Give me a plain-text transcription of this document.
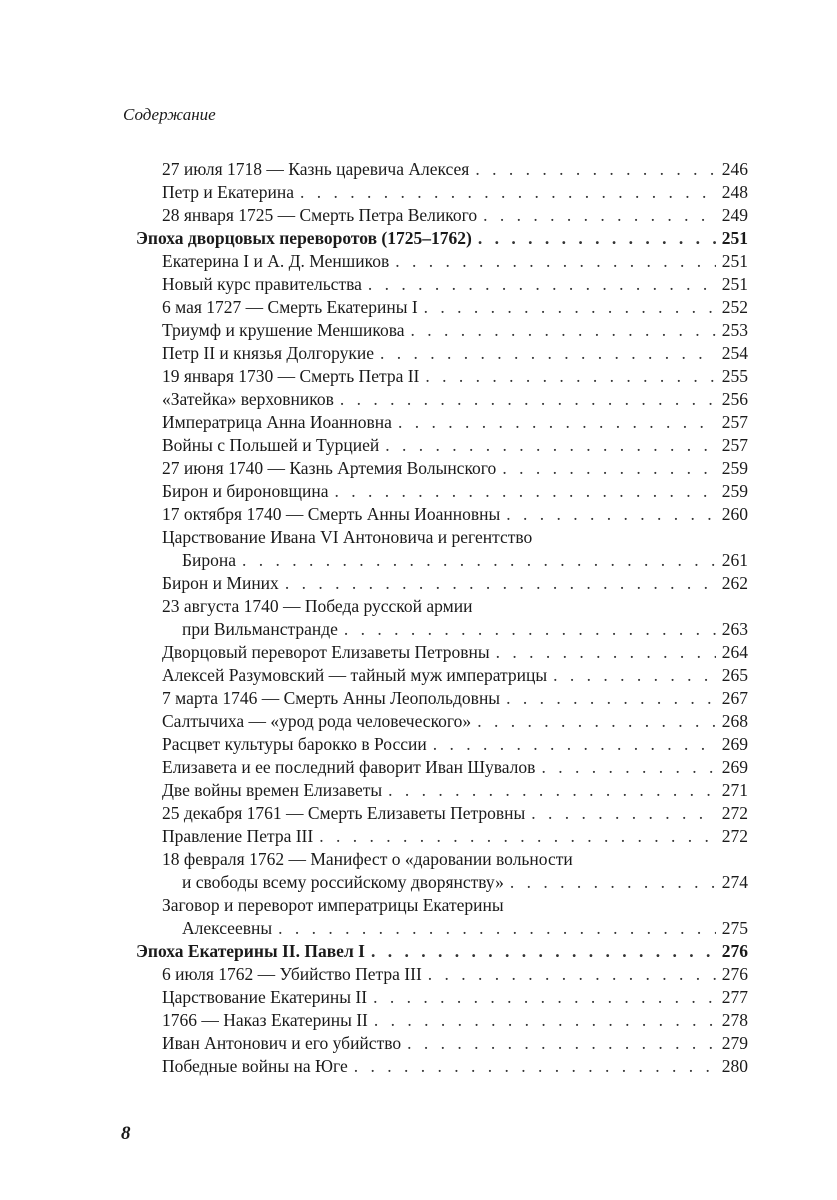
Содержание
27 июля 1718 — Казнь царевича Алексея . . .	246
Петр и Екатерина . . .	248
28 января 1725 — Смерть Петра Великого . . .	249
Эпоха дворцовых переворотов (1725–1762) . . .	251
Екатерина I и А. Д. Меншиков . . .	251
Новый курс правительства . . .	251
6 мая 1727 — Смерть Екатерины I . . .	252
Триумф и крушение Меншикова . . .	253
Петр II и князья Долгорукие . . .	254
19 января 1730 — Смерть Петра II . . .	255
«Затейка» верховников . . .	256
Императрица Анна Иоанновна . . .	257
Войны с Польшей и Турцией . . .	257
27 июня 1740 — Казнь Артемия Волынского . . .	259
Бирон и бироновщина . . .	259
17 октября 1740 — Смерть Анны Иоанновны . . .	260
Царствование Ивана VI Антоновича и регентство
Бирона . . .	261
Бирон и Миних . . .	262
23 августа 1740 — Победа русской армии
при Вильманстранде . . .	263
Дворцовый переворот Елизаветы Петровны . . .	264
Алексей Разумовский — тайный муж императрицы . . .	265
7 марта 1746 — Смерть Анны Леопольдовны . . .	267
Салтычиха — «урод рода человеческого» . . .	268
Расцвет культуры барокко в России . . .	269
Елизавета и ее последний фаворит Иван Шувалов . . .	269
Две войны времен Елизаветы . . .	271
25 декабря 1761 — Смерть Елизаветы Петровны . . .	272
Правление Петра III . . .	272
18 февраля 1762 — Манифест о «даровании вольности
и свободы всему российскому дворянству» . . .	274
Заговор и переворот императрицы Екатерины
Алексеевны . . .	275
Эпоха Екатерины II. Павел I . . .	276
6 июля 1762 — Убийство Петра III . . .	276
Царствование Екатерины II . . .	277
1766 — Наказ Екатерины II . . .	278
Иван Антонович и его убийство . . .	279
Победные войны на Юге . . .	280
8
